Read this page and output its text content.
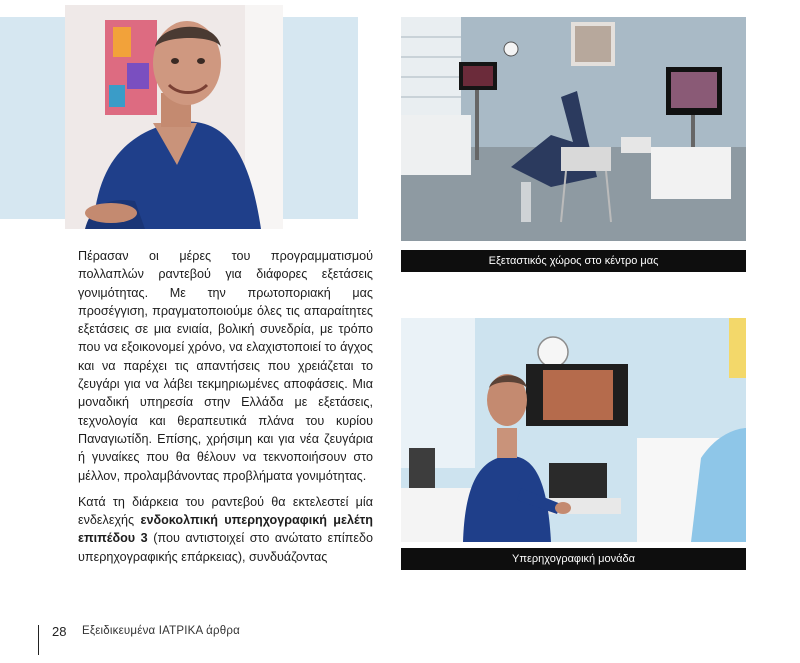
Εξεταστικός χώρος στο κέντρο μας
Υπερηχογραφική μονάδα

Πέρασαν οι μέρες του προγραμματισμού πολλαπλών ραντεβού για διάφορες εξετάσεις γονιμότητας. Με την πρωτοποριακή μας προσέγγιση, πραγματοποιούμε όλες τις απαραίτητες εξετάσεις σε μια ενιαία, βολική συνεδρία, με τρόπο που να εξοικονομεί χρόνο, να ελαχιστοποιεί το άγχος και να παρέχει τις απαντήσεις που χρειάζεται το ζευγάρι για να λάβει τεκμηριωμένες αποφάσεις. Μια μοναδική υπηρεσία στην Ελλάδα με εξετάσεις, τεχνολογία και θεραπευτικά πλάνα του κυρίου Παναγιωτίδη. Επίσης, χρήσιμη και για νέα ζευγάρια ή γυναίκες που θα θέλουν να τεκνοποιήσουν στο μέλλον, προλαμβάνοντας προβλήματα γονιμότητας.

Κατά τη διάρκεια του ραντεβού θα εκτελεστεί μία ενδελεχής ενδοκολπική υπερηχογραφική μελέτη επιπέδου 3 (που αντιστοιχεί στο ανώτατο επίπεδο υπερηχογραφικής επάρκειας), συνδυάζοντας

28 Εξειδικευμένα ΙΑΤΡΙΚΑ άρθρα
